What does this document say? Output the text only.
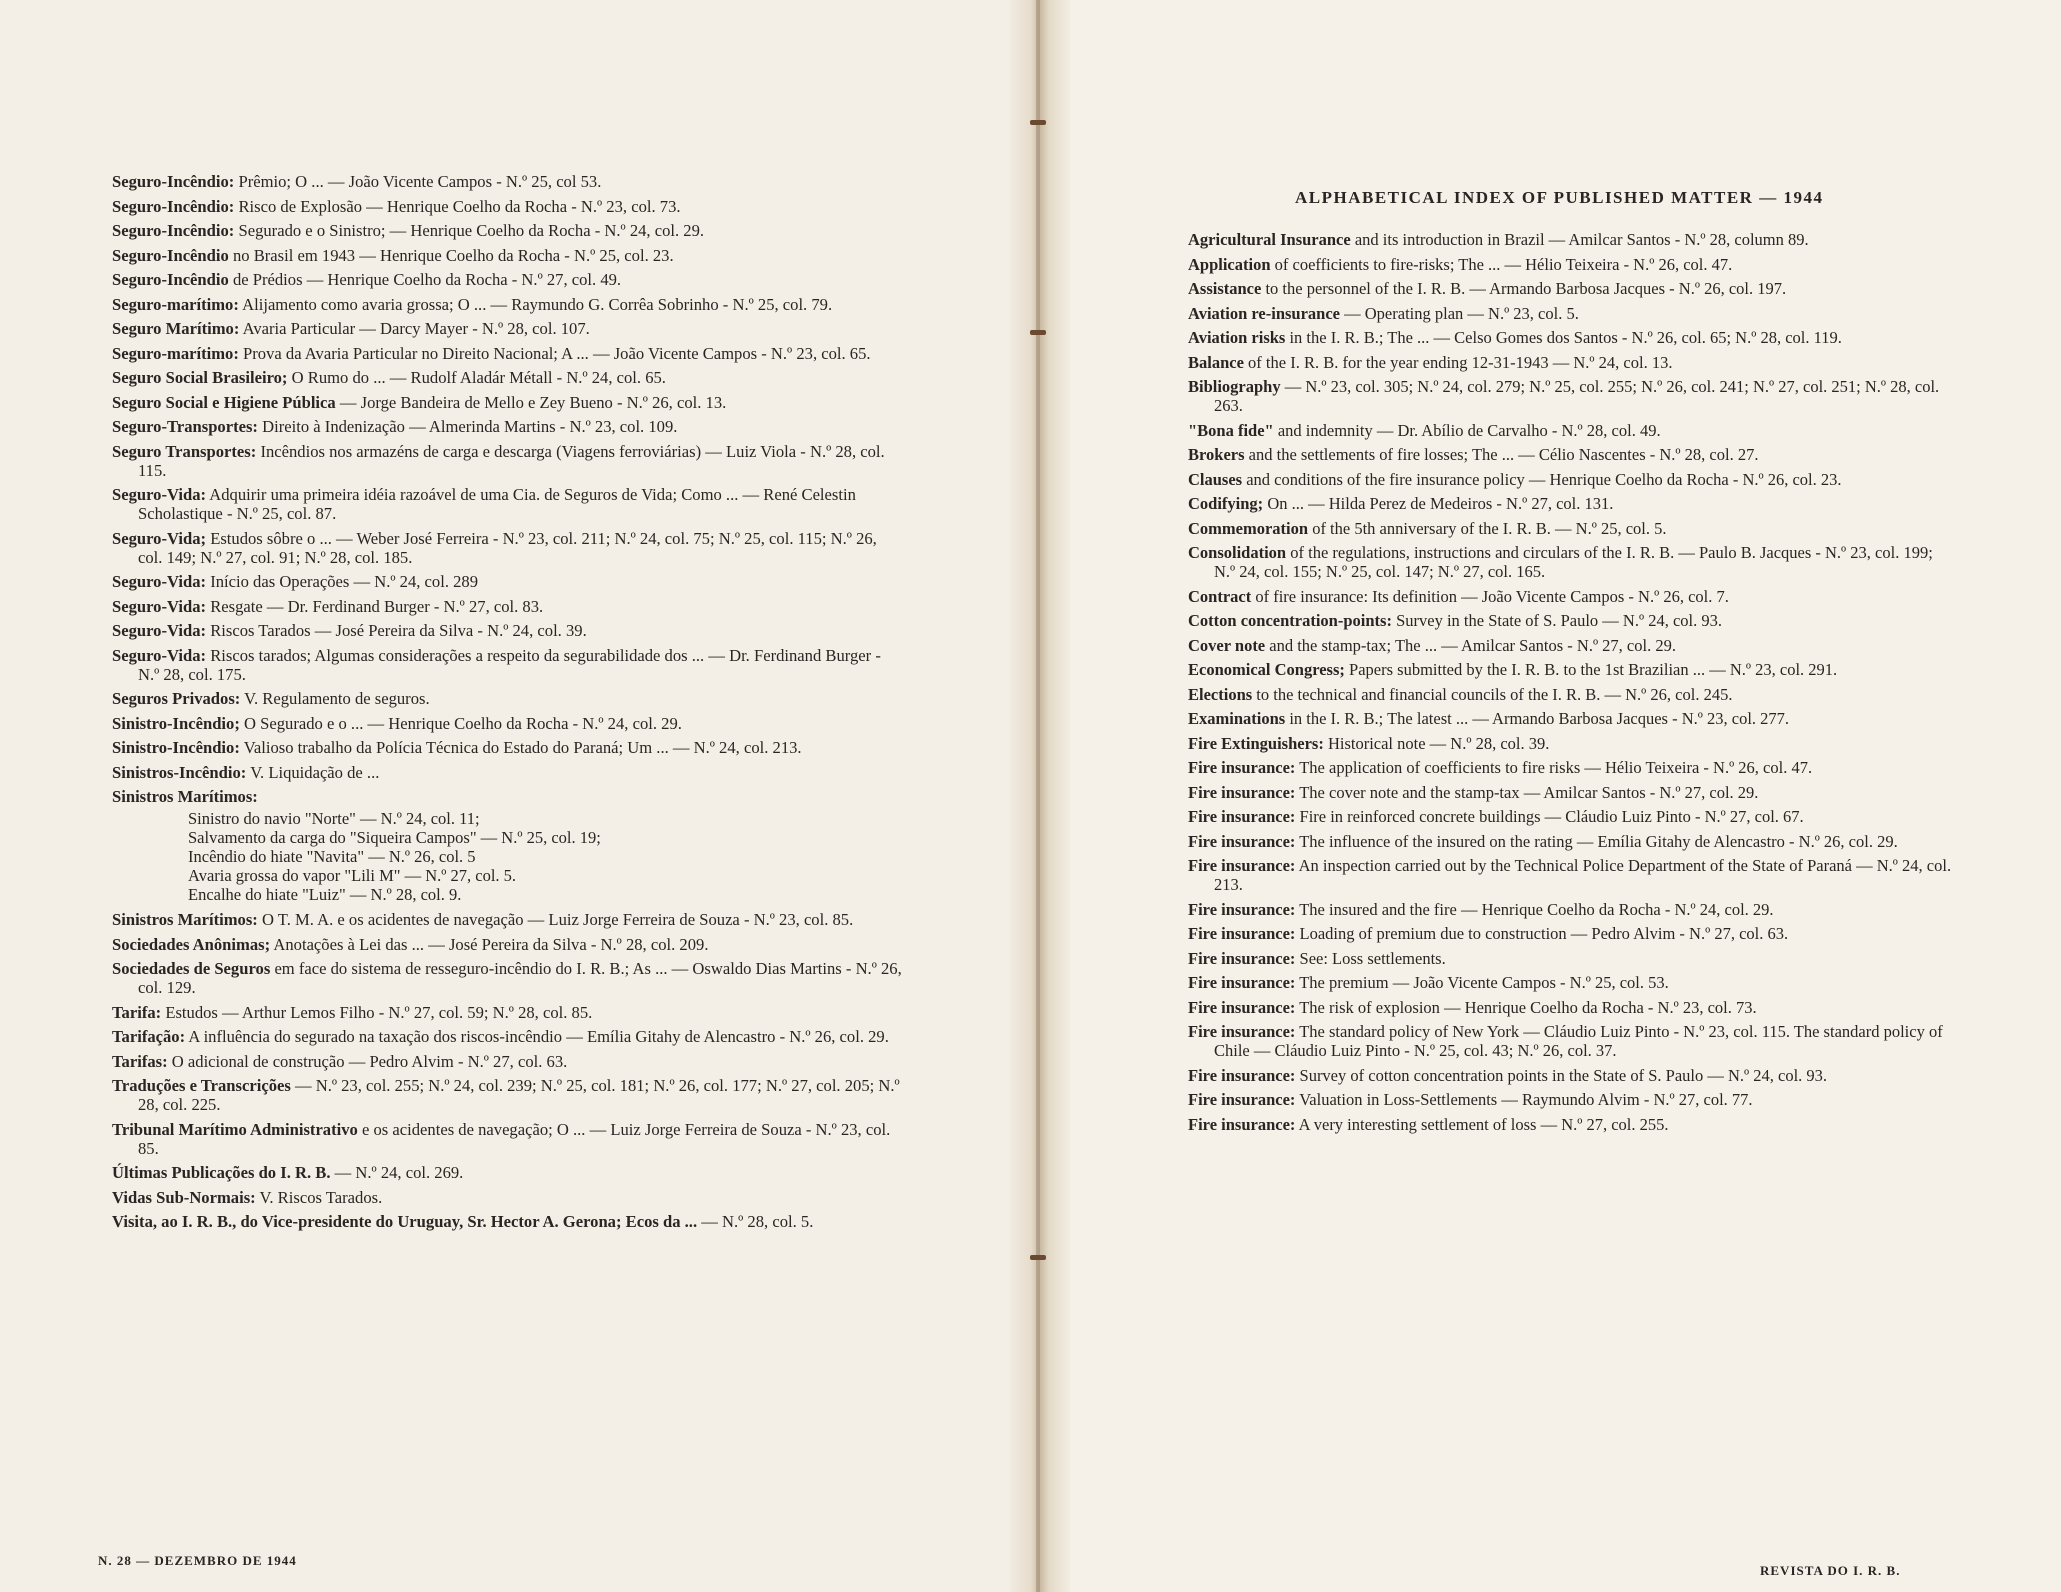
Seguro-Incêndio: Prêmio; O ... — João Vicente Campos - N.º 25, col 53.
Seguro-Incêndio: Risco de Explosão — Henrique Coelho da Rocha - N.º 23, col. 73.
Seguro-Incêndio: Segurado e o Sinistro; — Henrique Coelho da Rocha - N.º 24, col. 29.
Seguro-Incêndio no Brasil em 1943 — Henrique Coelho da Rocha - N.º 25, col. 23.
Seguro-Incêndio de Prédios — Henrique Coelho da Rocha - N.º 27, col. 49.
Seguro-marítimo: Alijamento como avaria grossa; O ... — Raymundo G. Corrêa Sobrinho - N.º 25, col. 79.
Seguro Marítimo: Avaria Particular — Darcy Mayer - N.º 28, col. 107.
Seguro-marítimo: Prova da Avaria Particular no Direito Nacional; A ... — João Vicente Campos - N.º 23, col. 65.
Seguro Social Brasileiro; O Rumo do ... — Rudolf Aladár Métall - N.º 24, col. 65.
Seguro Social e Higiene Pública — Jorge Bandeira de Mello e Zey Bueno - N.º 26, col. 13.
Seguro-Transportes: Direito à Indenização — Almerinda Martins - N.º 23, col. 109.
Seguro Transportes: Incêndios nos armazéns de carga e descarga (Viagens ferroviárias) — Luiz Viola - N.º 28, col. 115.
Seguro-Vida: Adquirir uma primeira idéia razoável de uma Cia. de Seguros de Vida; Como ... — René Celestin Scholastique - N.º 25, col. 87.
Seguro-Vida; Estudos sôbre o ... — Weber José Ferreira - N.º 23, col. 211; N.º 24, col. 75; N.º 25, col. 115; N.º 26, col. 149; N.º 27, col. 91; N.º 28, col. 185.
Seguro-Vida: Início das Operações — N.º 24, col. 289
Seguro-Vida: Resgate — Dr. Ferdinand Burger - N.º 27, col. 83.
Seguro-Vida: Riscos Tarados — José Pereira da Silva - N.º 24, col. 39.
Seguro-Vida: Riscos tarados; Algumas considerações a respeito da segurabilidade dos ... — Dr. Ferdinand Burger - N.º 28, col. 175.
Seguros Privados: V. Regulamento de seguros.
Sinistro-Incêndio; O Segurado e o ... — Henrique Coelho da Rocha - N.º 24, col. 29.
Sinistro-Incêndio: Valioso trabalho da Polícia Técnica do Estado do Paraná; Um ... — N.º 24, col. 213.
Sinistros-Incêndio: V. Liquidação de ...
Sinistros Marítimos:
Sinistro do navio "Norte" — N.º 24, col. 11;
Salvamento da carga do "Siqueira Campos" — N.º 25, col. 19;
Incêndio do hiate "Navita" — N.º 26, col. 5
Avaria grossa do vapor "Lili M" — N.º 27, col. 5.
Encalhe do hiate "Luiz" — N.º 28, col. 9.
Sinistros Marítimos: O T. M. A. e os acidentes de navegação — Luiz Jorge Ferreira de Souza - N.º 23, col. 85.
Sociedades Anônimas; Anotações à Lei das ... — José Pereira da Silva - N.º 28, col. 209.
Sociedades de Seguros em face do sistema de resseguro-incêndio do I. R. B.; As ... — Oswaldo Dias Martins - N.º 26, col. 129.
Tarifa: Estudos — Arthur Lemos Filho - N.º 27, col. 59; N.º 28, col. 85.
Tarifação: A influência do segurado na taxação dos riscos-incêndio — Emília Gitahy de Alencastro - N.º 26, col. 29.
Tarifas: O adicional de construção — Pedro Alvim - N.º 27, col. 63.
Traduções e Transcrições — N.º 23, col. 255; N.º 24, col. 239; N.º 25, col. 181; N.º 26, col. 177; N.º 27, col. 205; N.º 28, col. 225.
Tribunal Marítimo Administrativo e os acidentes de navegação; O ... — Luiz Jorge Ferreira de Souza - N.º 23, col. 85.
Últimas Publicações do I. R. B. — N.º 24, col. 269.
Vidas Sub-Normais: V. Riscos Tarados.
Visita, ao I. R. B., do Vice-presidente do Uruguay, Sr. Hector A. Gerona; Ecos da ... — N.º 28, col. 5.
N. 28 — DEZEMBRO DE 1944
ALPHABETICAL INDEX OF PUBLISHED MATTER — 1944
Agricultural Insurance and its introduction in Brazil — Amilcar Santos - N.º 28, column 89.
Application of coefficients to fire-risks; The ... — Hélio Teixeira - N.º 26, col. 47.
Assistance to the personnel of the I. R. B. — Armando Barbosa Jacques - N.º 26, col. 197.
Aviation re-insurance — Operating plan — N.º 23, col. 5.
Aviation risks in the I. R. B.; The ... — Celso Gomes dos Santos - N.º 26, col. 65; N.º 28, col. 119.
Balance of the I. R. B. for the year ending 12-31-1943 — N.º 24, col. 13.
Bibliography — N.º 23, col. 305; N.º 24, col. 279; N.º 25, col. 255; N.º 26, col. 241; N.º 27, col. 251; N.º 28, col. 263.
"Bona fide" and indemnity — Dr. Abílio de Carvalho - N.º 28, col. 49.
Brokers and the settlements of fire losses; The ... — Célio Nascentes - N.º 28, col. 27.
Clauses and conditions of the fire insurance policy — Henrique Coelho da Rocha - N.º 26, col. 23.
Codifying; On ... — Hilda Perez de Medeiros - N.º 27, col. 131.
Commemoration of the 5th anniversary of the I. R. B. — N.º 25, col. 5.
Consolidation of the regulations, instructions and circulars of the I. R. B. — Paulo B. Jacques - N.º 23, col. 199; N.º 24, col. 155; N.º 25, col. 147; N.º 27, col. 165.
Contract of fire insurance: Its definition — João Vicente Campos - N.º 26, col. 7.
Cotton concentration-points: Survey in the State of S. Paulo — N.º 24, col. 93.
Cover note and the stamp-tax; The ... — Amilcar Santos - N.º 27, col. 29.
Economical Congress; Papers submitted by the I. R. B. to the 1st Brazilian ... — N.º 23, col. 291.
Elections to the technical and financial councils of the I. R. B. — N.º 26, col. 245.
Examinations in the I. R. B.; The latest ... — Armando Barbosa Jacques - N.º 23, col. 277.
Fire Extinguishers: Historical note — N.º 28, col. 39.
Fire insurance: The application of coefficients to fire risks — Hélio Teixeira - N.º 26, col. 47.
Fire insurance: The cover note and the stamp-tax — Amilcar Santos - N.º 27, col. 29.
Fire insurance: Fire in reinforced concrete buildings — Cláudio Luiz Pinto - N.º 27, col. 67.
Fire insurance: The influence of the insured on the rating — Emília Gitahy de Alencastro - N.º 26, col. 29.
Fire insurance: An inspection carried out by the Technical Police Department of the State of Paraná — N.º 24, col. 213.
Fire insurance: The insured and the fire — Henrique Coelho da Rocha - N.º 24, col. 29.
Fire insurance: Loading of premium due to construction — Pedro Alvim - N.º 27, col. 63.
Fire insurance: See: Loss settlements.
Fire insurance: The premium — João Vicente Campos - N.º 25, col. 53.
Fire insurance: The risk of explosion — Henrique Coelho da Rocha - N.º 23, col. 73.
Fire insurance: The standard policy of New York — Cláudio Luiz Pinto - N.º 23, col. 115. The standard policy of Chile — Cláudio Luiz Pinto - N.º 25, col. 43; N.º 26, col. 37.
Fire insurance: Survey of cotton concentration points in the State of S. Paulo — N.º 24, col. 93.
Fire insurance: Valuation in Loss-Settlements — Raymundo Alvim - N.º 27, col. 77.
Fire insurance: A very interesting settlement of loss — N.º 27, col. 255.
REVISTA DO I. R. B.
